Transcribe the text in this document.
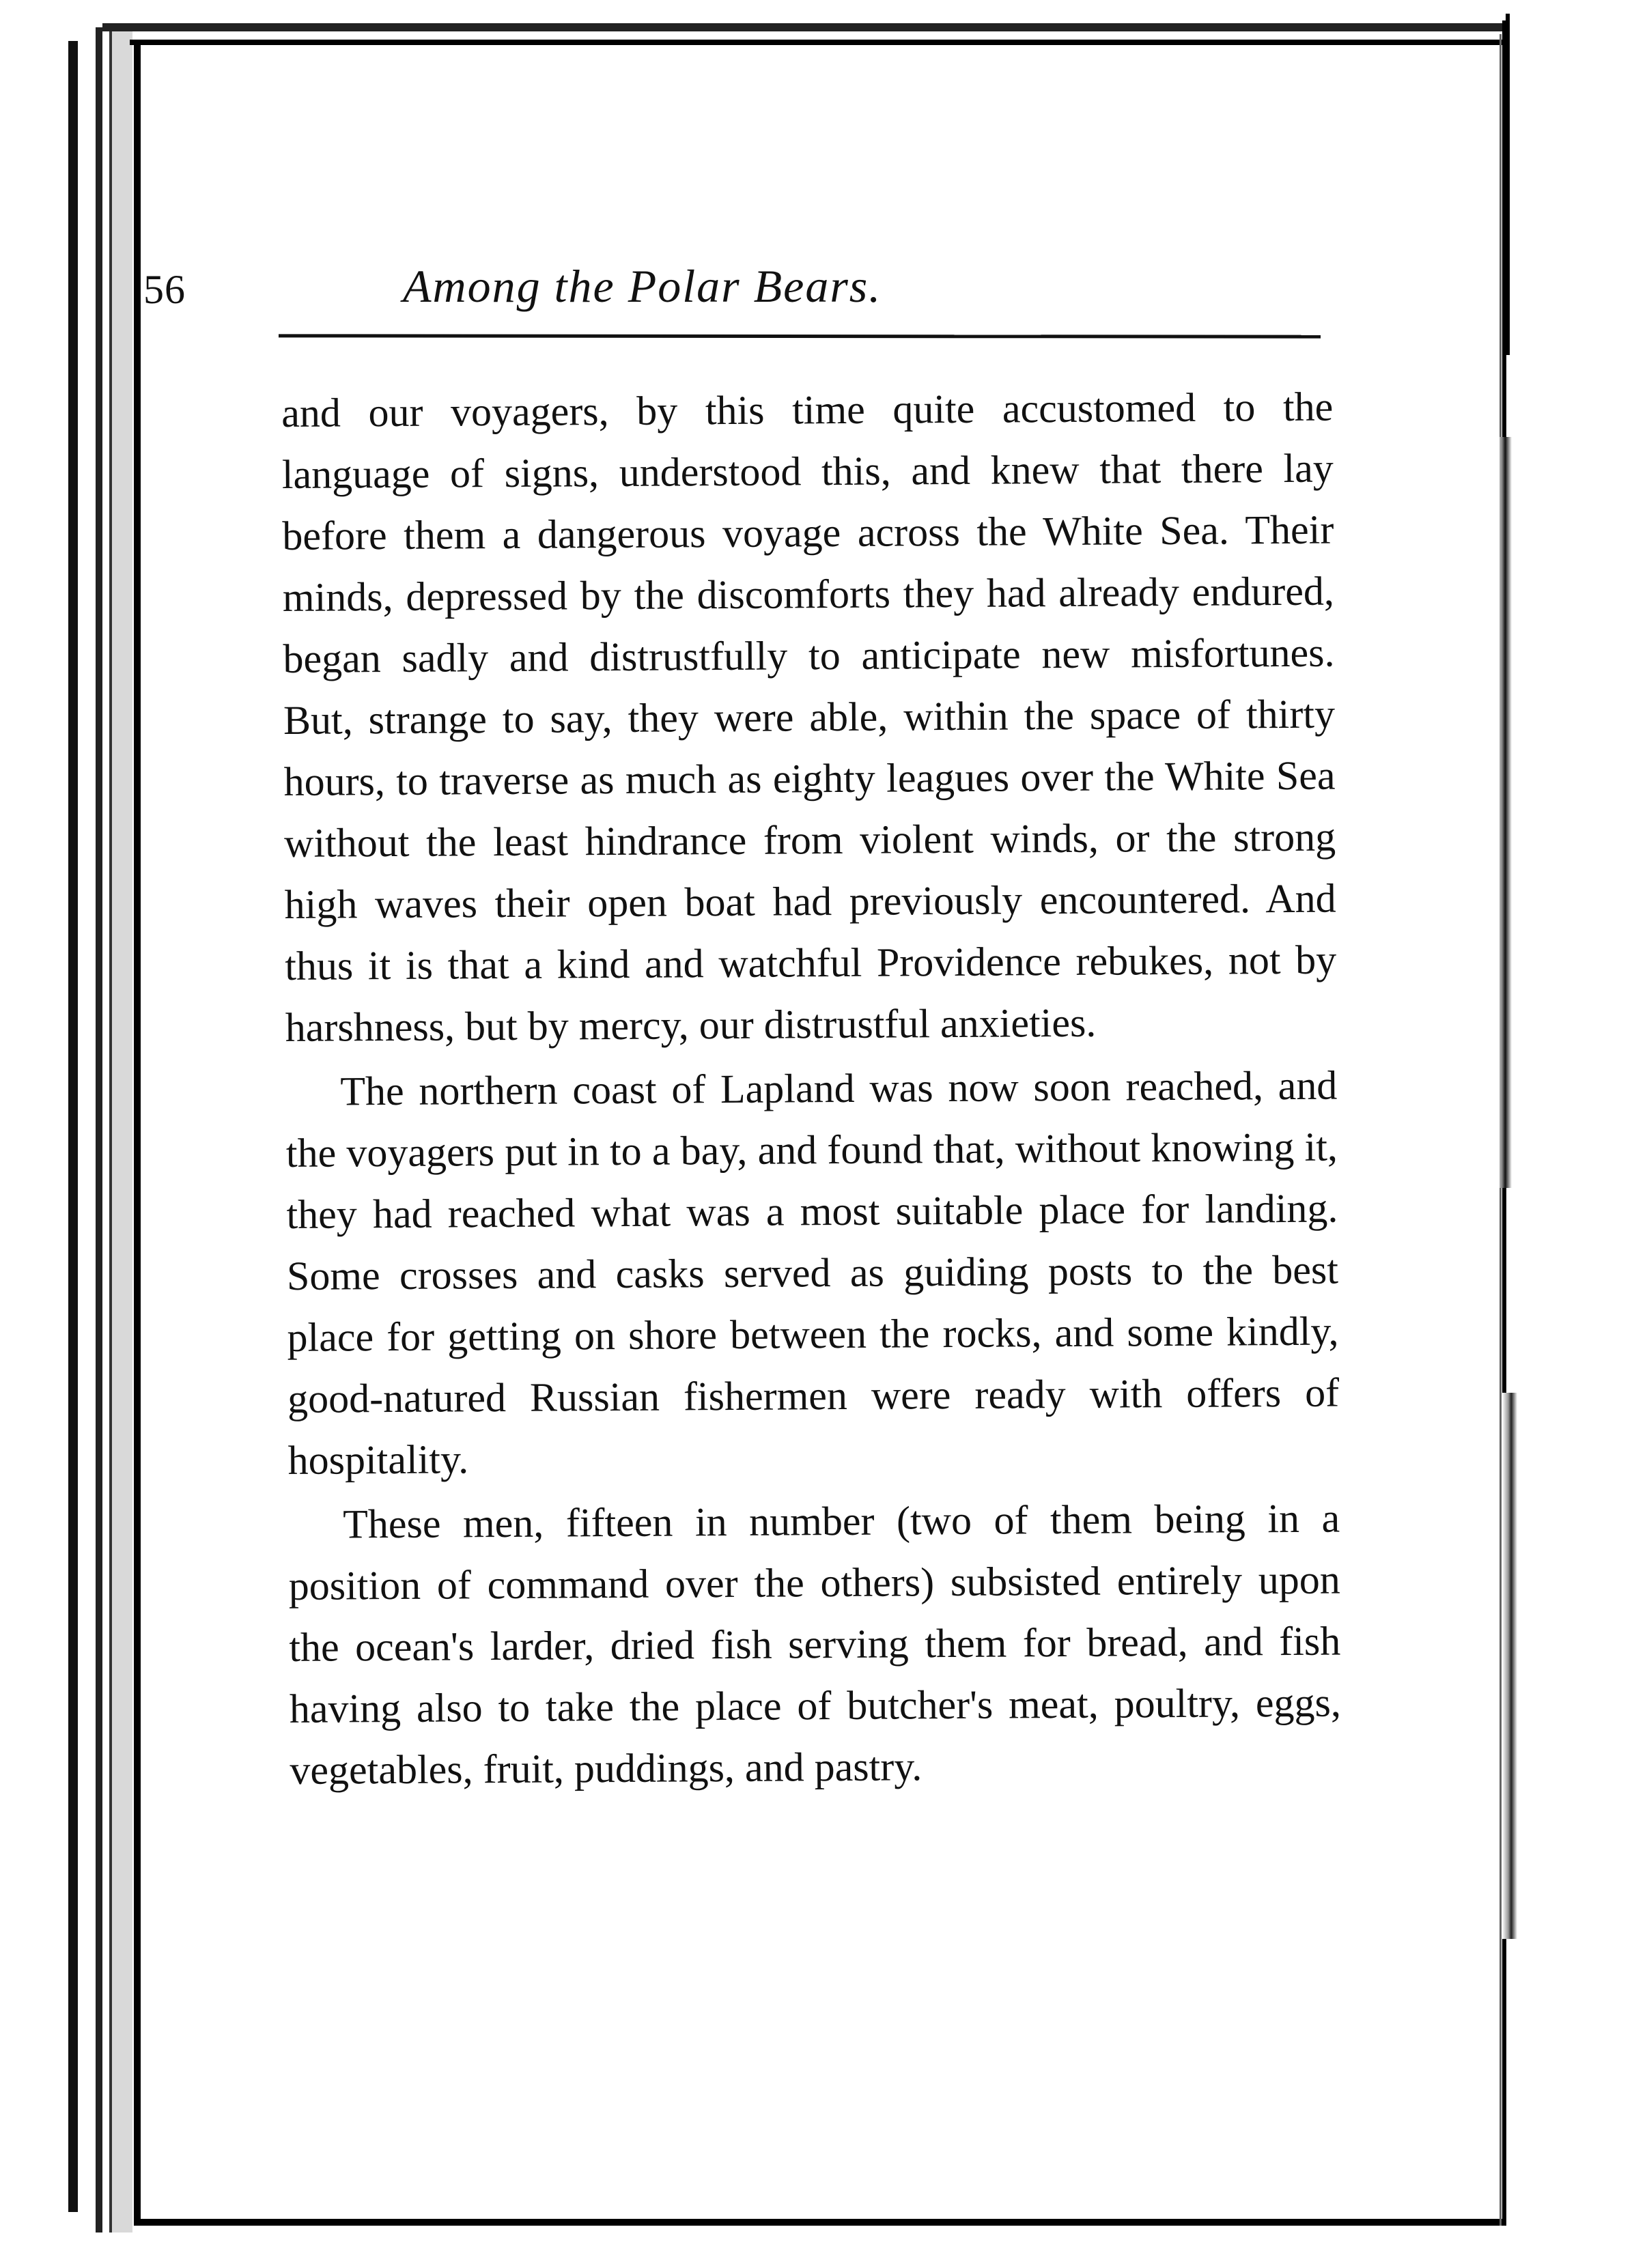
56	Among the Polar Bears.

and our voyagers, by this time quite accustomed to the language of signs, understood this, and knew that there lay before them a dangerous voyage across the White Sea. Their minds, depressed by the discomforts they had already endured, began sadly and distrustfully to anticipate new misfortunes. But, strange to say, they were able, within the space of thirty hours, to traverse as much as eighty leagues over the White Sea without the least hindrance from violent winds, or the strong high waves their open boat had previously encountered. And thus it is that a kind and watchful Providence rebukes, not by harshness, but by mercy, our distrustful anxieties.

The northern coast of Lapland was now soon reached, and the voyagers put in to a bay, and found that, without knowing it, they had reached what was a most suitable place for landing. Some crosses and casks served as guiding posts to the best place for getting on shore between the rocks, and some kindly, good-natured Russian fishermen were ready with offers of hospitality.

These men, fifteen in number (two of them being in a position of command over the others) subsisted entirely upon the ocean's larder, dried fish serving them for bread, and fish having also to take the place of butcher's meat, poultry, eggs, vegetables, fruit, puddings, and pastry.
